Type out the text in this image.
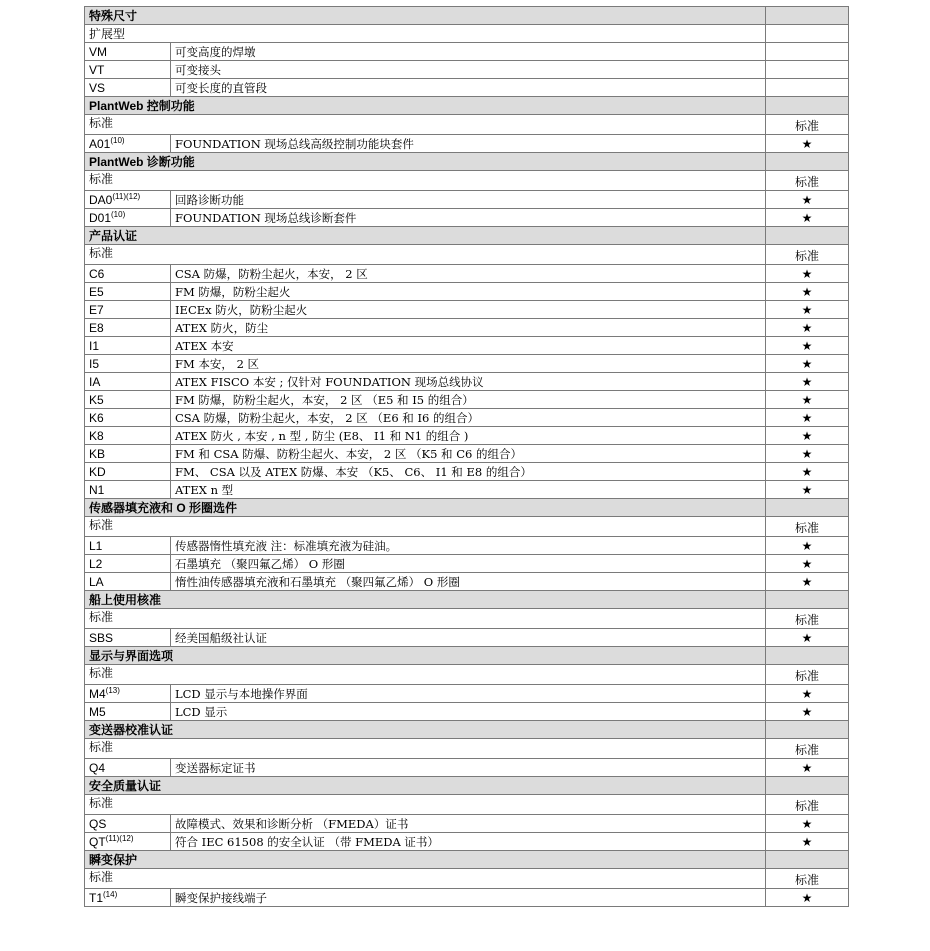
特殊尺寸		
扩展型		
VM	可变高度的焊墩	
VT	可变接头	
VS	可变长度的直管段	
PlantWeb 控制功能		
标准		标准
A01$^{(10)}$	FOUNDATION 现场总线高级控制功能块套件	★
PlantWeb 诊断功能		
标准		标准
$DA0^{(11)(12)}$	回路诊断功能	★
D01$^{(10)}$	FOUNDATION 现场总线诊断套件	★
产品认证		
标准		标准
C6	CSA 防爆，防粉尘起火，本安， 2 区	★
E5	FM 防爆，防粉尘起火	★
E7	IECEx 防火，防粉尘起火	★
E8	ATEX 防火，防尘	★
I1	ATEX 本安	★
I5	FM 本安， 2 区	★
IA	ATEX FISCO 本安 ; 仅针对 FOUNDATION 现场总线协议	★
K5	FM 防爆，防粉尘起火，本安， 2 区 （E5 和 I5 的组合）	★
K6	CSA 防爆，防粉尘起火，本安， 2 区 （E6 和 I6 的组合）	★
K8	ATEX 防火 , 本安 , n 型 , 防尘 (E8、 I1 和 N1 的组合 )	★
KB	FM 和 CSA 防爆、防粉尘起火、本安， 2 区 （K5 和 C6 的组合）	★
KD	FM、 CSA 以及 ATEX 防爆、本安 （K5、 C6、 I1 和 E8 的组合）	★
N1	ATEX n 型	★
传感器填充液和 O 形圈选件		
标准		标准
L1	传感器惰性填充液 注：标准填充液为硅油。	★
L2	石墨填充 （聚四氟乙烯） O 形圈	★
LA	惰性油传感器填充液和石墨填充 （聚四氟乙烯） O 形圈	★
船上使用核准		
标准		标准
SBS	经美国船级社认证	★
显示与界面选项		
标准		标准
M4$^{(13)}$	LCD 显示与本地操作界面	★
M5	LCD 显示	★
变送器校准认证		
标准		标准
Q4	变送器标定证书	★
安全质量认证		
标准		标准
QS	故障模式、效果和诊断分析 （FMEDA）证书	★
$QT^{(11)(12)}$	符合 IEC 61508 的安全认证 （带 FMEDA 证书）	★
瞬变保护		
标准		标准
T1$^{(14)}$	瞬变保护接线端子	★
